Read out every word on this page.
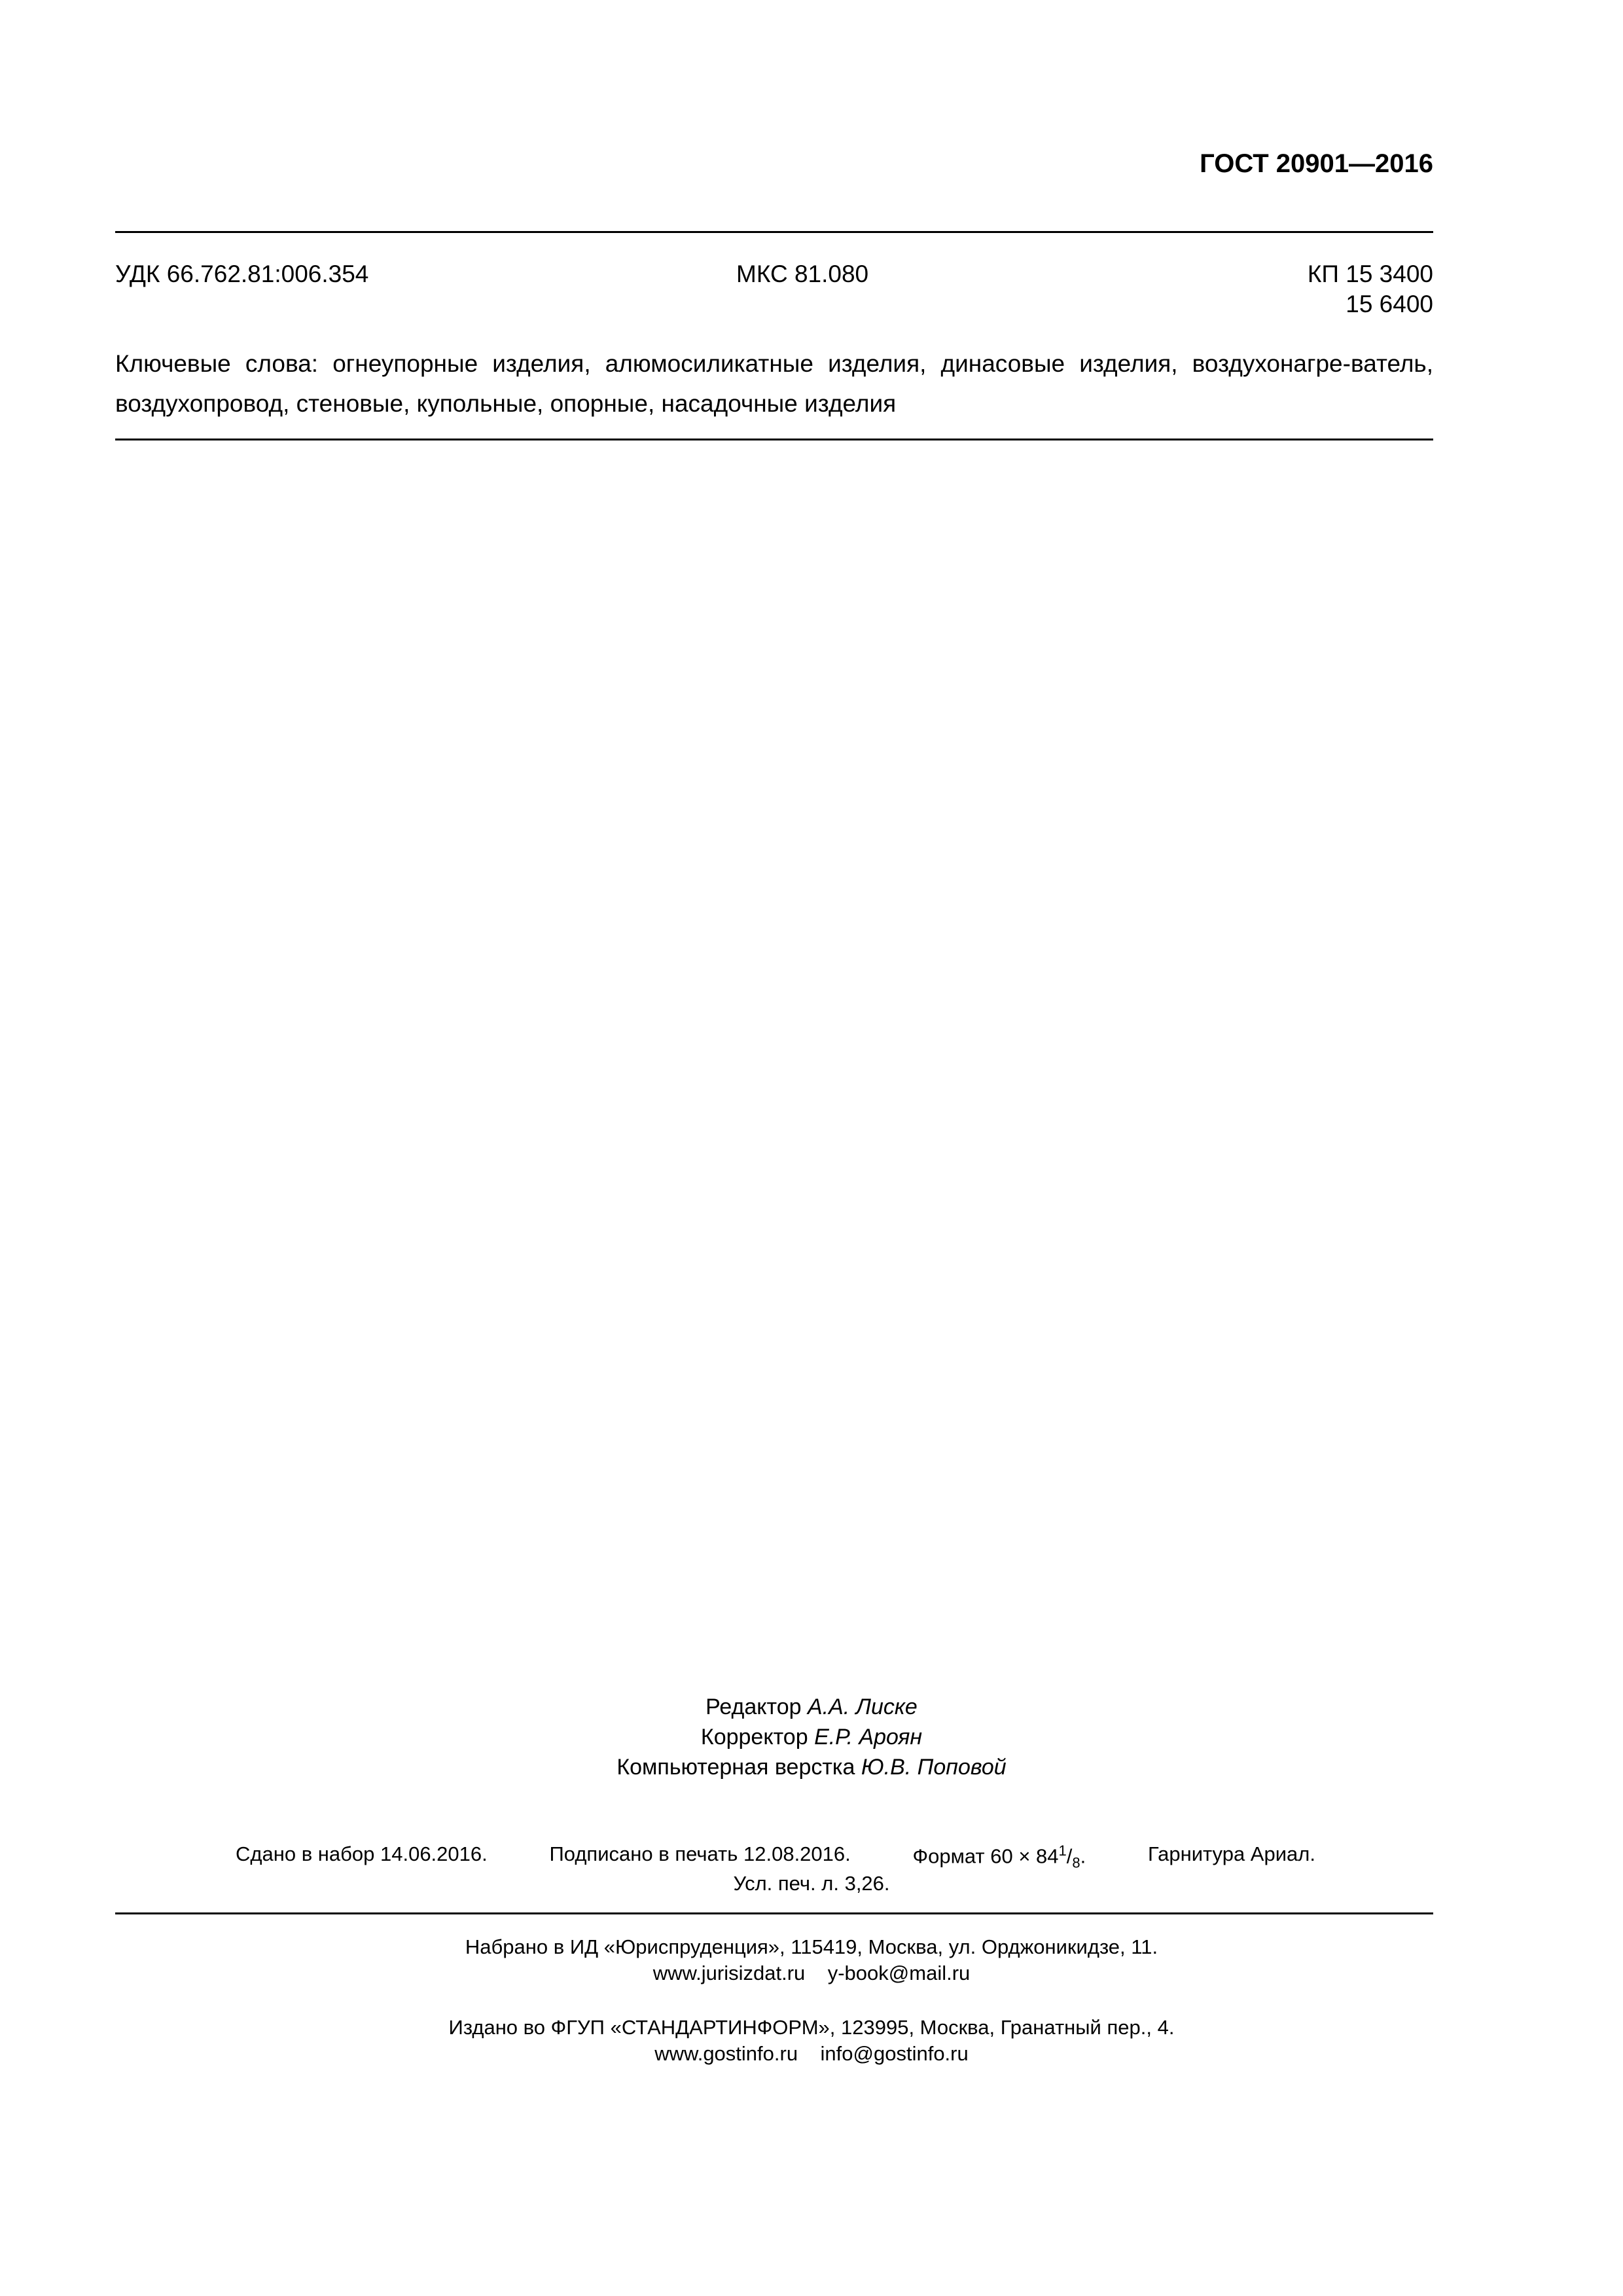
ГОСТ 20901—2016
УДК 66.762.81:006.354	МКС 81.080	КП 15 3400
15 6400
Ключевые слова: огнеупорные изделия, алюмосиликатные изделия, динасовые изделия, воздухонагре-ватель, воздухопровод, стеновые, купольные, опорные, насадочные изделия
Редактор А.А. Лиске
Корректор Е.Р. Ароян
Компьютерная верстка Ю.В. Поповой
Сдано в набор 14.06.2016.	Подписано в печать 12.08.2016.	Формат $60 \times 84^1/_8$.	Гарнитура Ариал.
Усл. печ. л. 3,26.
Набрано в ИД «Юриспруденция», 115419, Москва, ул. Орджоникидзе, 11.
www.jurisizdat.ru y-book@mail.ru
Издано во ФГУП «СТАНДАРТИНФОРМ», 123995, Москва, Гранатный пер., 4.
www.gostinfo.ru info@gostinfo.ru
